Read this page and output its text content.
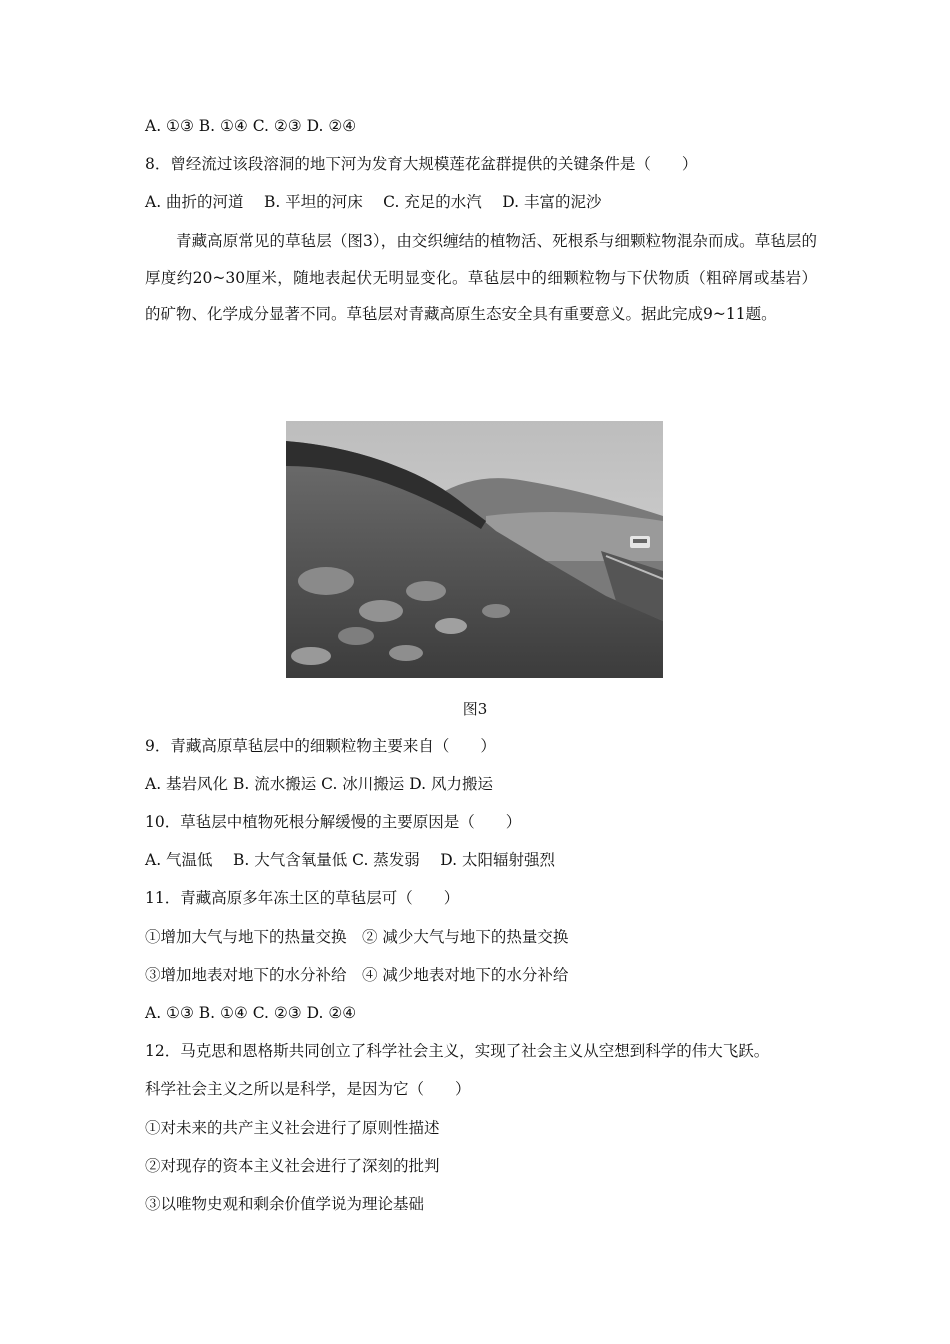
A. ①③ B. ①④ C. ②③ D. ②④
8．曾经流过该段溶洞的地下河为发育大规模莲花盆群提供的关键条件是（　　）
A. 曲折的河道　 B. 平坦的河床　 C. 充足的水汽　 D. 丰富的泥沙
青藏高原常见的草毡层（图3），由交织缠结的植物活、死根系与细颗粒物混杂而成。草毡层的厚度约20~30厘米，随地表起伏无明显变化。草毡层中的细颗粒物与下伏物质（粗碎屑或基岩）的矿物、化学成分显著不同。草毡层对青藏高原生态安全具有重要意义。据此完成9~11题。
图3
9．青藏高原草毡层中的细颗粒物主要来自（　　）
A. 基岩风化 B. 流水搬运 C. 冰川搬运 D. 风力搬运
10．草毡层中植物死根分解缓慢的主要原因是（　　）
A. 气温低　 B. 大气含氧量低 C. 蒸发弱　 D. 太阳辐射强烈
11．青藏高原多年冻土区的草毡层可（　　）
①增加大气与地下的热量交换　② 减少大气与地下的热量交换
③增加地表对地下的水分补给　④ 减少地表对地下的水分补给
A. ①③ B. ①④ C. ②③ D. ②④
12．马克思和恩格斯共同创立了科学社会主义，实现了社会主义从空想到科学的伟大飞跃。
科学社会主义之所以是科学，是因为它（　　）
①对未来的共产主义社会进行了原则性描述
②对现存的资本主义社会进行了深刻的批判
③以唯物史观和剩余价值学说为理论基础
